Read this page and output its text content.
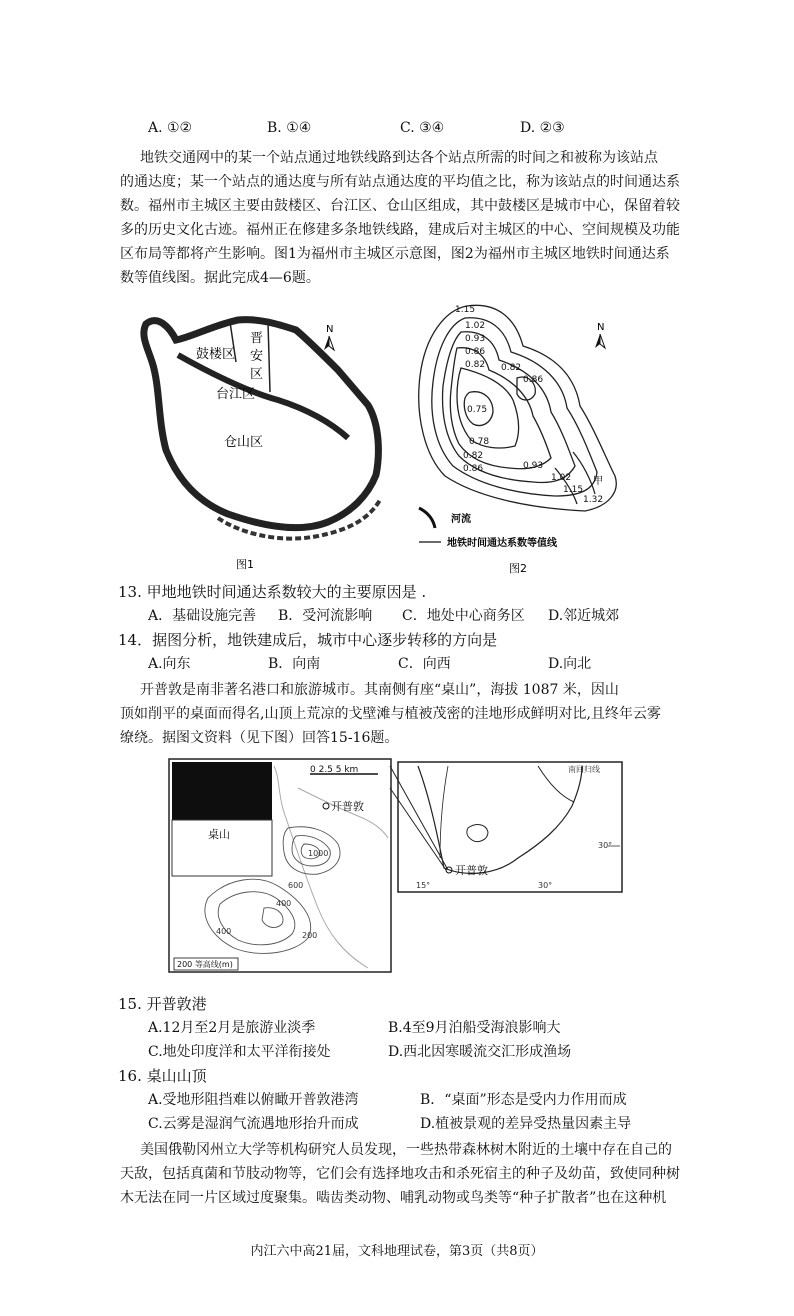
A. ①②	B. ①④	C. ③④	D. ②③
地铁交通网中的某一个站点通过地铁线路到达各个站点所需的时间之和被称为该站点
的通达度；某一个站点的通达度与所有站点通达度的平均值之比，称为该站点的时间通达系
数。福州市主城区主要由鼓楼区、台江区、仓山区组成，其中鼓楼区是城市中心，保留着较
多的历史文化古迹。福州正在修建多条地铁线路，建成后对主城区的中心、空间规模及功能
区布局等都将产生影响。图1为福州市主城区示意图，图2为福州市主城区地铁时间通达系
数等值线图。据此完成4—6题。
鼓楼区
晋
安
区
台江区
仓山区
N
图1
1.15
1.02
0.93
0.86
0.82
0.86
0.82
0.75
0.78
0.82
0.86	0.93
1.02
1.15
1.32
甲
N
河流
地铁时间通达系数等值线
图2
13. 甲地地铁时间通达系数较大的主要原因是 .
A．基础设施完善 B．受河流影响 C．地处中心商务区 D.邻近城郊
14．据图分析，地铁建成后，城市中心逐步转移的方向是
A.向东	B．向南	C．向西	D.向北
开普敦是南非著名港口和旅游城市。其南侧有座“桌山”，海拔 1087 米，因山
顶如削平的桌面而得名,山顶上荒凉的戈壁滩与植被茂密的洼地形成鲜明对比,且终年云雾
缭绕。据图文资料（见下图）回答15-16题。
桌山
开普敦
0 2.5 5 km
1000
600
400
400	200
200 等高线(m)
南回归线
30°
开普敦
15°	30°
15. 开普敦港
A.12月至2月是旅游业淡季	B.4至9月泊船受海浪影响大
C.地处印度洋和太平洋衔接处	D.西北因寒暖流交汇形成渔场
16. 桌山山顶
A.受地形阻挡难以俯瞰开普敦港湾	B．“桌面”形态是受内力作用而成
C.云雾是湿润气流遇地形抬升而成	D.植被景观的差异受热量因素主导
美国俄勒冈州立大学等机构研究人员发现，一些热带森林树木附近的土壤中存在自己的
天敌，包括真菌和节肢动物等，它们会有选择地攻击和杀死宿主的种子及幼苗，致使同种树
木无法在同一片区域过度聚集。啮齿类动物、哺乳动物或鸟类等“种子扩散者”也在这种机
内江六中高21届，文科地理试卷，第3页（共8页）
